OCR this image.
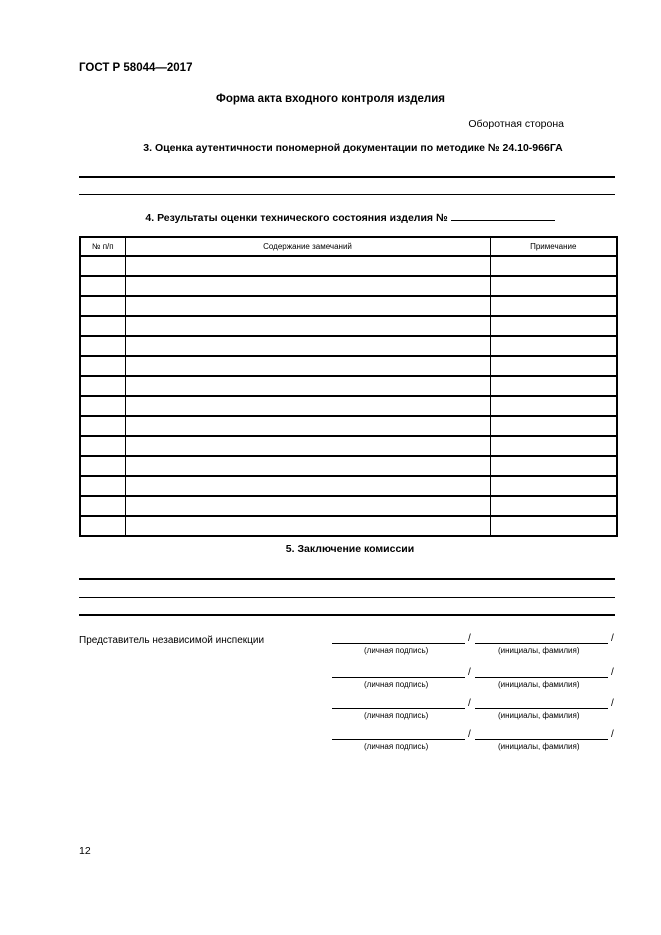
ГОСТ Р 58044—2017
Форма акта входного контроля изделия
Оборотная сторона
3. Оценка аутентичности пономерной документации по методике № 24.10-966ГА
4. Результаты оценки технического состояния изделия №
№ п/п	Содержание замечаний	Примечание

5. Заключение комиссии
Представитель независимой инспекции	/	/
(личная подпись)	(инициалы, фамилия)
/	/
(личная подпись)	(инициалы, фамилия)
/	/
(личная подпись)	(инициалы, фамилия)
/	/
(личная подпись)	(инициалы, фамилия)
12
